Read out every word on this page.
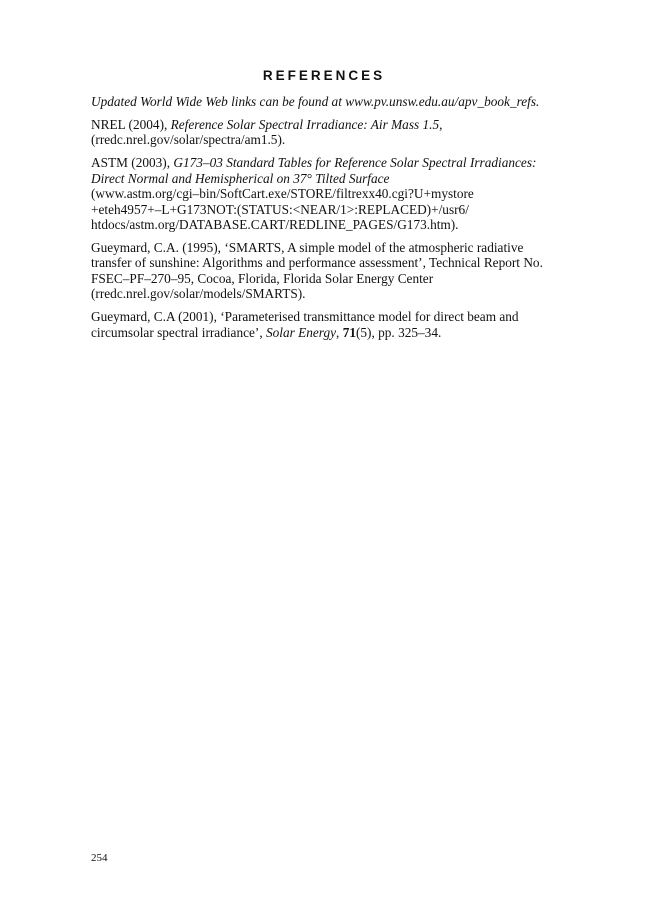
REFERENCES

Updated World Wide Web links can be found at www.pv.unsw.edu.au/apv_book_refs.

NREL (2004), Reference Solar Spectral Irradiance: Air Mass 1.5,
(rredc.nrel.gov/solar/spectra/am1.5).

ASTM (2003), G173–03 Standard Tables for Reference Solar Spectral Irradiances:
Direct Normal and Hemispherical on 37° Tilted Surface
(www.astm.org/cgi–bin/SoftCart.exe/STORE/filtrexx40.cgi?U+mystore
+eteh4957+–L+G173NOT:(STATUS:<NEAR/1>:REPLACED)+/usr6/
htdocs/astm.org/DATABASE.CART/REDLINE_PAGES/G173.htm).

Gueymard, C.A. (1995), ‘SMARTS, A simple model of the atmospheric radiative
transfer of sunshine: Algorithms and performance assessment’, Technical Report No.
FSEC–PF–270–95, Cocoa, Florida, Florida Solar Energy Center
(rredc.nrel.gov/solar/models/SMARTS).

Gueymard, C.A (2001), ‘Parameterised transmittance model for direct beam and
circumsolar spectral irradiance’, Solar Energy, 71(5), pp. 325–34.

254
